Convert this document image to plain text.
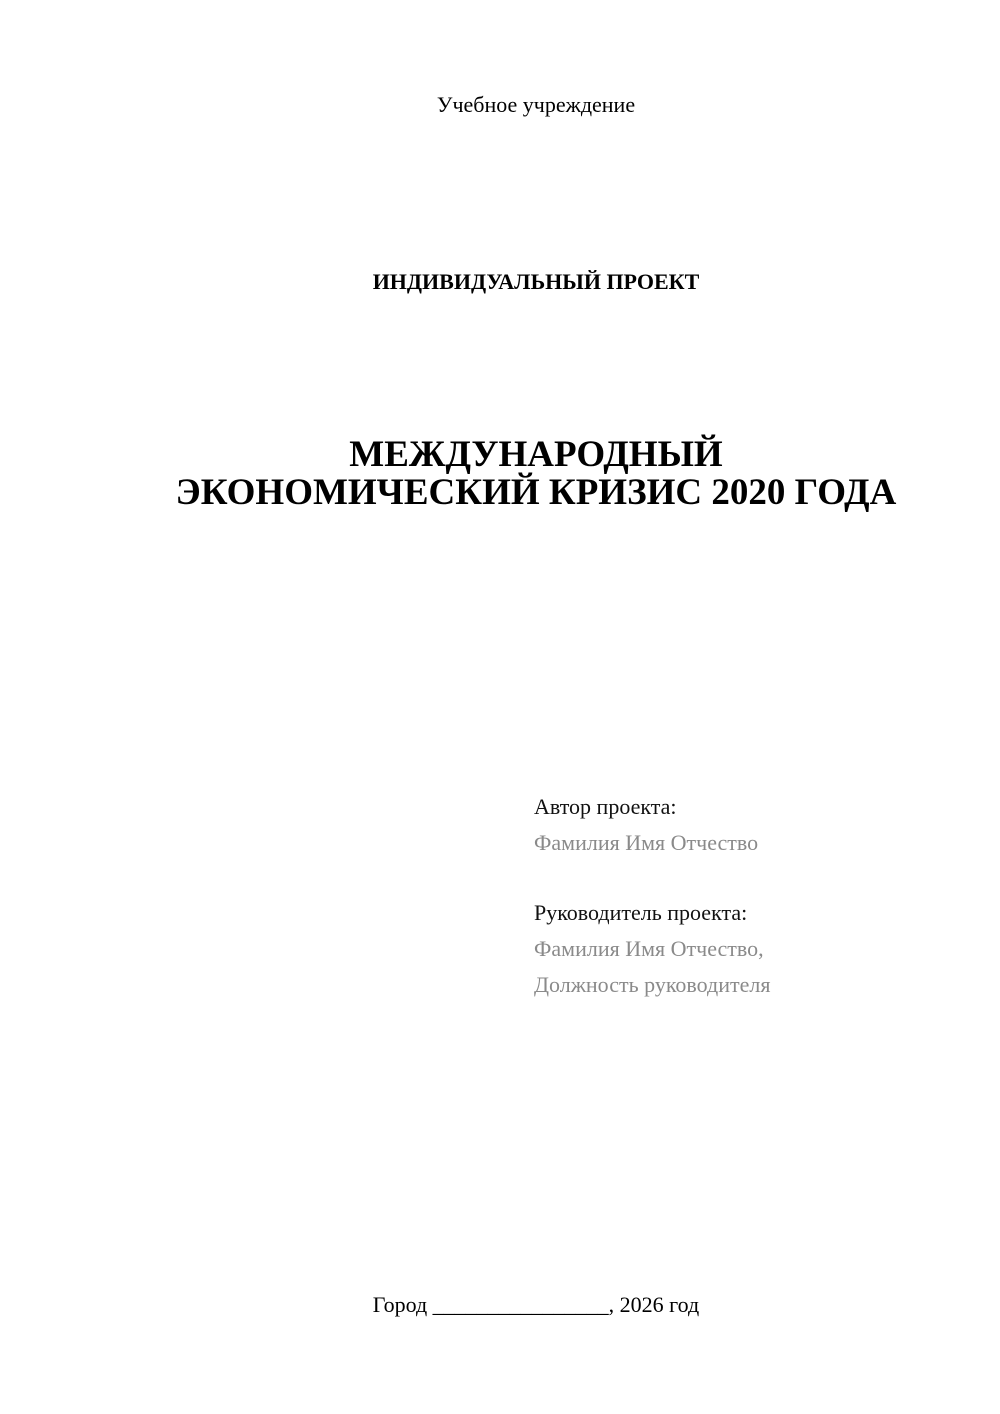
Учебное учреждение
ИНДИВИДУАЛЬНЫЙ ПРОЕКТ
МЕЖДУНАРОДНЫЙ
ЭКОНОМИЧЕСКИЙ КРИЗИС 2020 ГОДА
Автор проекта:
Фамилия Имя Отчество
Руководитель проекта:
Фамилия Имя Отчество,
Должность руководителя
Город ________________, 2026 год
